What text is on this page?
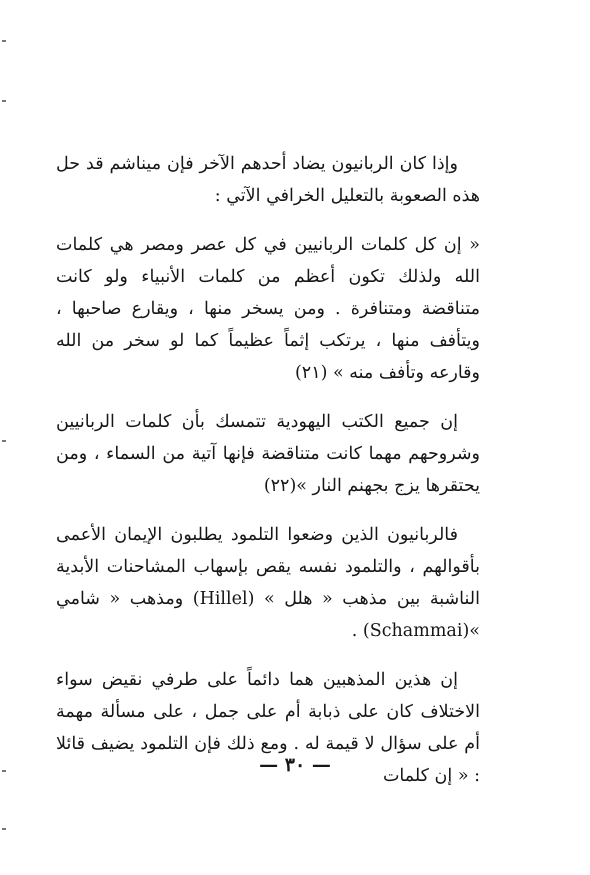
وإذا كان الربانيون يضاد أحدهم الآخر فإن ميناشم قد حل هذه الصعوبة بالتعليل الخرافي الآتي :

« إن كل كلمات الربانيين في كل عصر ومصر هي كلمات الله ولذلك تكون أعظم من كلمات الأنبياء ولو كانت متناقضة ومتنافرة . ومن يسخر منها ، ويقارع صاحبها ، ويتأفف منها ، يرتكب إثماً عظيماً كما لو سخر من الله وقارعه وتأفف منه » (٢١)

إن جميع الكتب اليهودية تتمسك بأن كلمات الربانيين وشروحهم مهما كانت متناقضة فإنها آتية من السماء ، ومن يحتقرها يزج بجهنم النار »(٢٢)

فالربانيون الذين وضعوا التلمود يطلبون الإيمان الأعمى بأقوالهم ، والتلمود نفسه يقص بإسهاب المشاحنات الأبدية الناشبة بين مذهب « هلل » (Hillel) ومذهب « شامي »(Schammai) .

إن هذين المذهبين هما دائماً على طرفي نقيض سواء الاختلاف كان على ذبابة أم على جمل ، على مسألة مهمة أم على سؤال لا قيمة له . ومع ذلك فإن التلمود يضيف قائلا : « إن كلمات

— ٣٠ —
